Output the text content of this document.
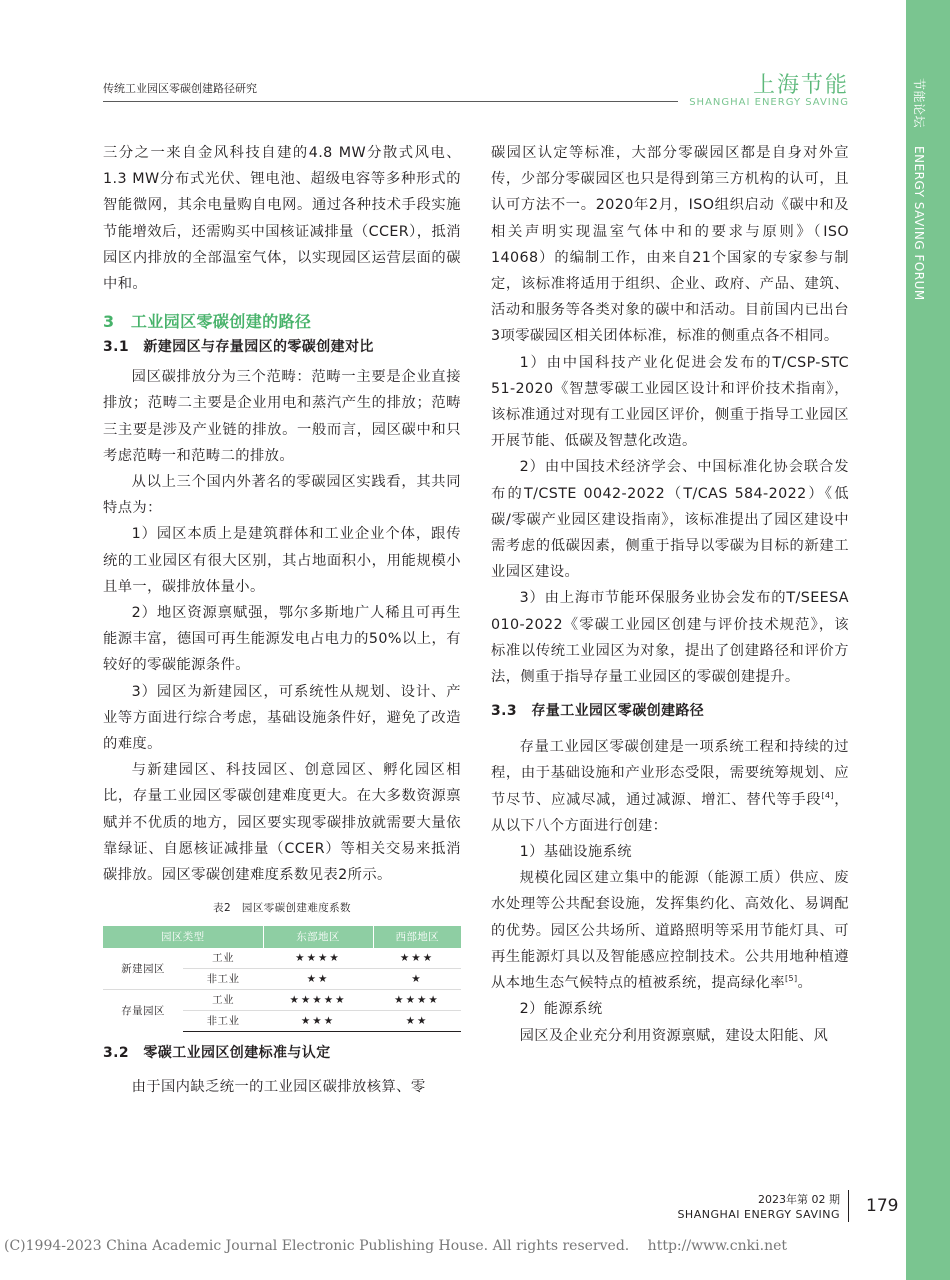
节能论坛ENERGY SAVING FORUM
传统工业园区零碳创建路径研究	上海节能
SHANGHAI ENERGY SAVING

三分之一来自金风科技自建的4.8 MW分散式风电、1.3 MW分布式光伏、锂电池、超级电容等多种形式的智能微网，其余电量购自电网。通过各种技术手段实施节能增效后，还需购买中国核证减排量（CCER），抵消园区内排放的全部温室气体，以实现园区运营层面的碳中和。

3　工业园区零碳创建的路径
3.1　新建园区与存量园区的零碳创建对比

园区碳排放分为三个范畴：范畴一主要是企业直接排放；范畴二主要是企业用电和蒸汽产生的排放；范畴三主要是涉及产业链的排放。一般而言，园区碳中和只考虑范畴一和范畴二的排放。

从以上三个国内外著名的零碳园区实践看，其共同特点为：

1）园区本质上是建筑群体和工业企业个体，跟传统的工业园区有很大区别，其占地面积小，用能规模小且单一，碳排放体量小。

2）地区资源禀赋强，鄂尔多斯地广人稀且可再生能源丰富，德国可再生能源发电占电力的50%以上，有较好的零碳能源条件。

3）园区为新建园区，可系统性从规划、设计、产业等方面进行综合考虑，基础设施条件好，避免了改造的难度。

与新建园区、科技园区、创意园区、孵化园区相比，存量工业园区零碳创建难度更大。在大多数资源禀赋并不优质的地方，园区要实现零碳排放就需要大量依靠绿证、自愿核证减排量（CCER）等相关交易来抵消碳排放。园区零碳创建难度系数见表2所示。

表2　园区零碳创建难度系数
园区类型		东部地区	西部地区
新建园区	工业	★★★★	★★★
	非工业	★★	★
存量园区	工业	★★★★★	★★★★
	非工业	★★★	★★
3.2　零碳工业园区创建标准与认定

由于国内缺乏统一的工业园区碳排放核算、零

碳园区认定等标准，大部分零碳园区都是自身对外宣传，少部分零碳园区也只是得到第三方机构的认可，且认可方法不一。2020年2月，ISO组织启动《碳中和及相关声明实现温室气体中和的要求与原则》（ISO 14068）的编制工作，由来自21个国家的专家参与制定，该标准将适用于组织、企业、政府、产品、建筑、活动和服务等各类对象的碳中和活动。目前国内已出台3项零碳园区相关团体标准，标准的侧重点各不相同。

1）由中国科技产业化促进会发布的T/CSP-STC 51-2020《智慧零碳工业园区设计和评价技术指南》，该标准通过对现有工业园区评价，侧重于指导工业园区开展节能、低碳及智慧化改造。

2）由中国技术经济学会、中国标准化协会联合发布的T/CSTE 0042-2022（T/CAS 584-2022）《低碳/零碳产业园区建设指南》，该标准提出了园区建设中需考虑的低碳因素，侧重于指导以零碳为目标的新建工业园区建设。

3）由上海市节能环保服务业协会发布的T/SEESA 010-2022《零碳工业园区创建与评价技术规范》，该标准以传统工业园区为对象，提出了创建路径和评价方法，侧重于指导存量工业园区的零碳创建提升。

3.3　存量工业园区零碳创建路径

存量工业园区零碳创建是一项系统工程和持续的过程，由于基础设施和产业形态受限，需要统筹规划、应节尽节、应减尽减，通过减源、增汇、替代等手段[4]，从以下八个方面进行创建：

1）基础设施系统

规模化园区建立集中的能源（能源工质）供应、废水处理等公共配套设施，发挥集约化、高效化、易调配的优势。园区公共场所、道路照明等采用节能灯具、可再生能源灯具以及智能感应控制技术。公共用地种植遵从本地生态气候特点的植被系统，提高绿化率[5]。

2）能源系统

园区及企业充分利用资源禀赋，建设太阳能、风

2023年第 02 期
SHANGHAI ENERGY SAVING 179
(C)1994-2023 China Academic Journal Electronic Publishing House. All rights reserved.　 http://www.cnki.net
